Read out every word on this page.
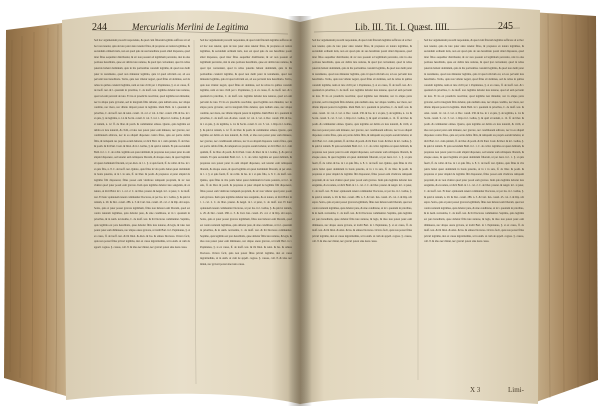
244	Mercurialis Merlini de Legitima	Lib. III. Tit. I. Quæst. IIII.	245
Sed hoc argumentum procedit respondens, & quod cum filiorum legitima sufficere sit ad hoc non tenetur, quia de iure pater alere tenetur filios, & propterea ex natura legitimae, & secundum ordinem iuris, non est quod quis de sua hereditate possit aliud disponere, quod inter filios aequaliter distribuatur, & sic non possunt ad legitimam pervenire, nisi in eius portione hereditatis, quae est debita iure naturae, & quod ipsi conveniunt, quod in rebus paternis habent dominium, quia in his portionibus consistit legitima, & quod non dedit pater in testamento, quod non minuatur legitima, quia id quod relictum est, ad eos pervenit iure hereditario. Tertio, quia non videtur negari, quod filius sit dominus, sed de rebus in quibus consistit legitima, nam ex iure civili per l. Papinianus, §. si ex causa, ff. de inoff. test. & l. quoniam in prioribus, C. de inoff. test. legitima debetur iure naturae, quod ad eam pervenit de iure. Et ita ex praedictis resolvitur, quod legitima non minuitur, nec in aliqua parte gravatur, sed in integrum filiis debetur, quia nullum onus, nec aliqua conditio, nec mora, nec dilatio imponi potest in legitima. Idem Bald. in l. quoniam in prioribus, C. de inoff. test. & Alex. consil. 12. col. 2. vol. 4. Dec. consil. 236. & Ias. in l. si quis, §. de legitima, n. 14. & Socin. consil. 9. col. 3. vol. 1. Ripa in l. Gallus, §. & quid si tantum, n. 12. ff. de liber. & posth. & communiter omnes. Quarto, quia legitima est debita ex iure naturali, & civili, et ideo non potest pater eam minuere, nec gravare, nec conditionem adiicere, nec in ea aliquid disponere contra filios, quia est portio debita filiis, & tamquam res propria eorum habetur, ut dicit Bart. in l. cum quidam, ff. de liber. & posth. & ibi Paul. Castr. & Imol. & in l. Gallus, §. & quid si tantum. Et quia secundum Bald. in l. 1. C. de collat. legitima est quasi debitum, & propterea non potest pater in eam aliquid disponere, sed tenetur eam relinquere liberam, & absque onere, & quod legitima sit quasi dominium filiorum, ut per Alex. in l. 1. §. si quis fuerit, ff. de collat. & Ias. in l. si quis filio, n. 8. C. de inoff. test. Quinto, quia filius in vita patris habet quasi dominium in bonis paternis, ut in l. in suis, ff. de liber. & posth. & propterea si pater aliquid de legitima filii disponeret, filius posset eam vindicare tamquam propriam, & sic non videtur quod pater possit eam gravare. Item quia legitima debetur iure sanguinis, & ex natura, ut dicit Bald. in l. 1. col. 2. C. de liber. praeter. & Angel. in l. si pater, C. de inoff. test. Et hanc opinionem tenent communiter Doctores, ut per Ias. in l. Gallus, §. & quid si tantum, n. 29. & Dec. consil. 286. n. 3. & Curt. Iun. consil. 45. col. 2. & Rip. ubi supra. Sexto, quia si pater posset gravare legitimam, filius non haberet eam liberam, quod est contra naturam legitimae, quia debetur pure, & sine conditione, ut in l. quoniam in prioribus, & in Auth. novissima, C. de inoff. test. & ibi Doctores communiter. Septimo, quia legitima est pars hereditatis, quae debetur filiis iure naturae, & legis, & ideo non potest pater eam diminuere, nec aliquo onere gravare, ut tradit Bart. in l. Papinianus, §. si ex causa, ff. de inoff. test. & ibi Imol. & Alex. & Ias. & omnes Doctores. Octavo facit, quia non potest filius privari legitima, nisi ex causa ingratitudinis, ut in Auth. ut cum de appell. cognos. §. causas, coll. 8. & ideo nec minui, nec gravari potest sine iusta causa.
Sed hoc argumentum procedit respondens, & quod cum filiorum legitima sufficere sit ad hoc non tenetur, quia de iure pater alere tenetur filios, & propterea ex natura legitimae, & secundum ordinem iuris, non est quod quis de sua hereditate possit aliud disponere, quod inter filios aequaliter distribuatur, & sic non possunt ad legitimam pervenire, nisi in eius portione hereditatis, quae est debita iure naturae, & quod ipsi conveniunt, quod in rebus paternis habent dominium, quia in his portionibus consistit legitima, & quod non dedit pater in testamento, quod non minuatur legitima, quia id quod relictum est, ad eos pervenit iure hereditario. Tertio, quia non videtur negari, quod filius sit dominus, sed de rebus in quibus consistit legitima, nam ex iure civili per l. Papinianus, §. si ex causa, ff. de inoff. test. & l. quoniam in prioribus, C. de inoff. test. legitima debetur iure naturae, quod ad eam pervenit de iure. Et ita ex praedictis resolvitur, quod legitima non minuitur, nec in aliqua parte gravatur, sed in integrum filiis debetur, quia nullum onus, nec aliqua conditio, nec mora, nec dilatio imponi potest in legitima. Idem Bald. in l. quoniam in prioribus, C. de inoff. test. & Alex. consil. 12. col. 2. vol. 4. Dec. consil. 236. & Ias. in l. si quis, §. de legitima, n. 14. & Socin. consil. 9. col. 3. vol. 1. Ripa in l. Gallus, §. & quid si tantum, n. 12. ff. de liber. & posth. & communiter omnes. Quarto, quia legitima est debita ex iure naturali, & civili, et ideo non potest pater eam minuere, nec gravare, nec conditionem adiicere, nec in ea aliquid disponere contra filios, quia est portio debita filiis, & tamquam res propria eorum habetur, ut dicit Bart. in l. cum quidam, ff. de liber. & posth. & ibi Paul. Castr. & Imol. & in l. Gallus, §. & quid si tantum. Et quia secundum Bald. in l. 1. C. de collat. legitima est quasi debitum, & propterea non potest pater in eam aliquid disponere, sed tenetur eam relinquere liberam, & absque onere, & quod legitima sit quasi dominium filiorum, ut per Alex. in l. 1. §. si quis fuerit, ff. de collat. & Ias. in l. si quis filio, n. 8. C. de inoff. test. Quinto, quia filius in vita patris habet quasi dominium in bonis paternis, ut in l. in suis, ff. de liber. & posth. & propterea si pater aliquid de legitima filii disponeret, filius posset eam vindicare tamquam propriam, & sic non videtur quod pater possit eam gravare. Item quia legitima debetur iure sanguinis, & ex natura, ut dicit Bald. in l. 1. col. 2. C. de liber. praeter. & Angel. in l. si pater, C. de inoff. test. Et hanc opinionem tenent communiter Doctores, ut per Ias. in l. Gallus, §. & quid si tantum, n. 29. & Dec. consil. 286. n. 3. & Curt. Iun. consil. 45. col. 2. & Rip. ubi supra. Sexto, quia si pater posset gravare legitimam, filius non haberet eam liberam, quod est contra naturam legitimae, quia debetur pure, & sine conditione, ut in l. quoniam in prioribus, & in Auth. novissima, C. de inoff. test. & ibi Doctores communiter. Septimo, quia legitima est pars hereditatis, quae debetur filiis iure naturae, & legis, & ideo non potest pater eam diminuere, nec aliquo onere gravare, ut tradit Bart. in l. Papinianus, §. si ex causa, ff. de inoff. test. & ibi Imol. & Alex. & Ias. & omnes Doctores. Octavo facit, quia non potest filius privari legitima, nisi ex causa ingratitudinis, ut in Auth. ut cum de appell. cognos. §. causas, coll. 8. & ideo nec minui, nec gravari potest sine iusta causa.
Sed hoc argumentum procedit respondens, & quod cum filiorum legitima sufficere sit ad hoc non tenetur, quia de iure pater alere tenetur filios, & propterea ex natura legitimae, & secundum ordinem iuris, non est quod quis de sua hereditate possit aliud disponere, quod inter filios aequaliter distribuatur, & sic non possunt ad legitimam pervenire, nisi in eius portione hereditatis, quae est debita iure naturae, & quod ipsi conveniunt, quod in rebus paternis habent dominium, quia in his portionibus consistit legitima, & quod non dedit pater in testamento, quod non minuatur legitima, quia id quod relictum est, ad eos pervenit iure hereditario. Tertio, quia non videtur negari, quod filius sit dominus, sed de rebus in quibus consistit legitima, nam ex iure civili per l. Papinianus, §. si ex causa, ff. de inoff. test. & l. quoniam in prioribus, C. de inoff. test. legitima debetur iure naturae, quod ad eam pervenit de iure. Et ita ex praedictis resolvitur, quod legitima non minuitur, nec in aliqua parte gravatur, sed in integrum filiis debetur, quia nullum onus, nec aliqua conditio, nec mora, nec dilatio imponi potest in legitima. Idem Bald. in l. quoniam in prioribus, C. de inoff. test. & Alex. consil. 12. col. 2. vol. 4. Dec. consil. 236. & Ias. in l. si quis, §. de legitima, n. 14. & Socin. consil. 9. col. 3. vol. 1. Ripa in l. Gallus, §. & quid si tantum, n. 12. ff. de liber. & posth. & communiter omnes. Quarto, quia legitima est debita ex iure naturali, & civili, et ideo non potest pater eam minuere, nec gravare, nec conditionem adiicere, nec in ea aliquid disponere contra filios, quia est portio debita filiis, & tamquam res propria eorum habetur, ut dicit Bart. in l. cum quidam, ff. de liber. & posth. & ibi Paul. Castr. & Imol. & in l. Gallus, §. & quid si tantum. Et quia secundum Bald. in l. 1. C. de collat. legitima est quasi debitum, & propterea non potest pater in eam aliquid disponere, sed tenetur eam relinquere liberam, & absque onere, & quod legitima sit quasi dominium filiorum, ut per Alex. in l. 1. §. si quis fuerit, ff. de collat. & Ias. in l. si quis filio, n. 8. C. de inoff. test. Quinto, quia filius in vita patris habet quasi dominium in bonis paternis, ut in l. in suis, ff. de liber. & posth. & propterea si pater aliquid de legitima filii disponeret, filius posset eam vindicare tamquam propriam, & sic non videtur quod pater possit eam gravare. Item quia legitima debetur iure sanguinis, & ex natura, ut dicit Bald. in l. 1. col. 2. C. de liber. praeter. & Angel. in l. si pater, C. de inoff. test. Et hanc opinionem tenent communiter Doctores, ut per Ias. in l. Gallus, §. & quid si tantum, n. 29. & Dec. consil. 286. n. 3. & Curt. Iun. consil. 45. col. 2. & Rip. ubi supra. Sexto, quia si pater posset gravare legitimam, filius non haberet eam liberam, quod est contra naturam legitimae, quia debetur pure, & sine conditione, ut in l. quoniam in prioribus, & in Auth. novissima, C. de inoff. test. & ibi Doctores communiter. Septimo, quia legitima est pars hereditatis, quae debetur filiis iure naturae, & legis, & ideo non potest pater eam diminuere, nec aliquo onere gravare, ut tradit Bart. in l. Papinianus, §. si ex causa, ff. de inoff. test. & ibi Imol. & Alex. & Ias. & omnes Doctores. Octavo facit, quia non potest filius privari legitima, nisi ex causa ingratitudinis, ut in Auth. ut cum de appell. cognos. §. causas, coll. 8. & ideo nec minui, nec gravari potest sine iusta causa.
Sed hoc argumentum procedit respondens, & quod cum filiorum legitima sufficere sit ad hoc non tenetur, quia de iure pater alere tenetur filios, & propterea ex natura legitimae, & secundum ordinem iuris, non est quod quis de sua hereditate possit aliud disponere, quod inter filios aequaliter distribuatur, & sic non possunt ad legitimam pervenire, nisi in eius portione hereditatis, quae est debita iure naturae, & quod ipsi conveniunt, quod in rebus paternis habent dominium, quia in his portionibus consistit legitima, & quod non dedit pater in testamento, quod non minuatur legitima, quia id quod relictum est, ad eos pervenit iure hereditario. Tertio, quia non videtur negari, quod filius sit dominus, sed de rebus in quibus consistit legitima, nam ex iure civili per l. Papinianus, §. si ex causa, ff. de inoff. test. & l. quoniam in prioribus, C. de inoff. test. legitima debetur iure naturae, quod ad eam pervenit de iure. Et ita ex praedictis resolvitur, quod legitima non minuitur, nec in aliqua parte gravatur, sed in integrum filiis debetur, quia nullum onus, nec aliqua conditio, nec mora, nec dilatio imponi potest in legitima. Idem Bald. in l. quoniam in prioribus, C. de inoff. test. & Alex. consil. 12. col. 2. vol. 4. Dec. consil. 236. & Ias. in l. si quis, §. de legitima, n. 14. & Socin. consil. 9. col. 3. vol. 1. Ripa in l. Gallus, §. & quid si tantum, n. 12. ff. de liber. & posth. & communiter omnes. Quarto, quia legitima est debita ex iure naturali, & civili, et ideo non potest pater eam minuere, nec gravare, nec conditionem adiicere, nec in ea aliquid disponere contra filios, quia est portio debita filiis, & tamquam res propria eorum habetur, ut dicit Bart. in l. cum quidam, ff. de liber. & posth. & ibi Paul. Castr. & Imol. & in l. Gallus, §. & quid si tantum. Et quia secundum Bald. in l. 1. C. de collat. legitima est quasi debitum, & propterea non potest pater in eam aliquid disponere, sed tenetur eam relinquere liberam, & absque onere, & quod legitima sit quasi dominium filiorum, ut per Alex. in l. 1. §. si quis fuerit, ff. de collat. & Ias. in l. si quis filio, n. 8. C. de inoff. test. Quinto, quia filius in vita patris habet quasi dominium in bonis paternis, ut in l. in suis, ff. de liber. & posth. & propterea si pater aliquid de legitima filii disponeret, filius posset eam vindicare tamquam propriam, & sic non videtur quod pater possit eam gravare. Item quia legitima debetur iure sanguinis, & ex natura, ut dicit Bald. in l. 1. col. 2. C. de liber. praeter. & Angel. in l. si pater, C. de inoff. test. Et hanc opinionem tenent communiter Doctores, ut per Ias. in l. Gallus, §. & quid si tantum, n. 29. & Dec. consil. 286. n. 3. & Curt. Iun. consil. 45. col. 2. & Rip. ubi supra. Sexto, quia si pater posset gravare legitimam, filius non haberet eam liberam, quod est contra naturam legitimae, quia debetur pure, & sine conditione, ut in l. quoniam in prioribus, & in Auth. novissima, C. de inoff. test. & ibi Doctores communiter. Septimo, quia legitima est pars hereditatis, quae debetur filiis iure naturae, & legis, & ideo non potest pater eam diminuere, nec aliquo onere gravare, ut tradit Bart. in l. Papinianus, §. si ex causa, ff. de inoff. test. & ibi Imol. & Alex. & Ias. & omnes Doctores. Octavo facit, quia non potest filius privari legitima, nisi ex causa ingratitudinis, ut in Auth. ut cum de appell. cognos. §. causas, coll. 8. & ideo nec minui, nec gravari potest sine iusta causa.
X 3	Limi-
